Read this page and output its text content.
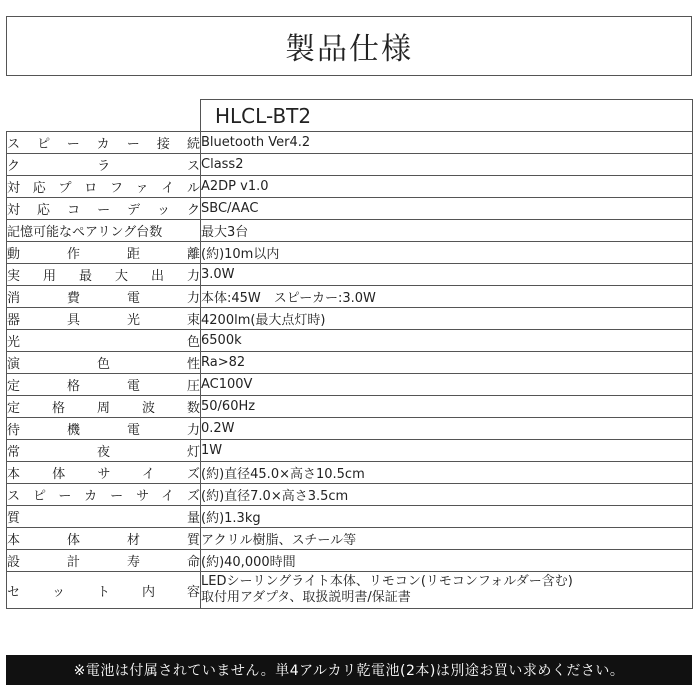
製品仕様
	HLCL-BT2

スピーカー接続	Bluetooth Ver4.2

クラス	Class2

対応プロファイル	A2DP v1.0

対応コーデック	SBC/AAC

記憶可能なペアリング台数	最大3台

動作距離	(約)10m以内

実用最大出力	3.0W

消費電力	本体:45W　スピーカー:3.0W

器具光束	4200lm(最大点灯時)

光色	6500k

演色性	Ra>82

定格電圧	AC100V

定格周波数	50/60Hz

待機電力	0.2W

常夜灯	1W

本体サイズ	(約)直径45.0×高さ10.5cm

スピーカーサイズ	(約)直径7.0×高さ3.5cm

質量	(約)1.3kg

本体材質	アクリル樹脂、スチール等

設計寿命	(約)40,000時間

セット内容	LEDシーリングライト本体、リモコン(リモコンフォルダー含む)
取付用アダプタ、取扱説明書/保証書
※電池は付属されていません。単4アルカリ乾電池(2本)は別途お買い求めください。
